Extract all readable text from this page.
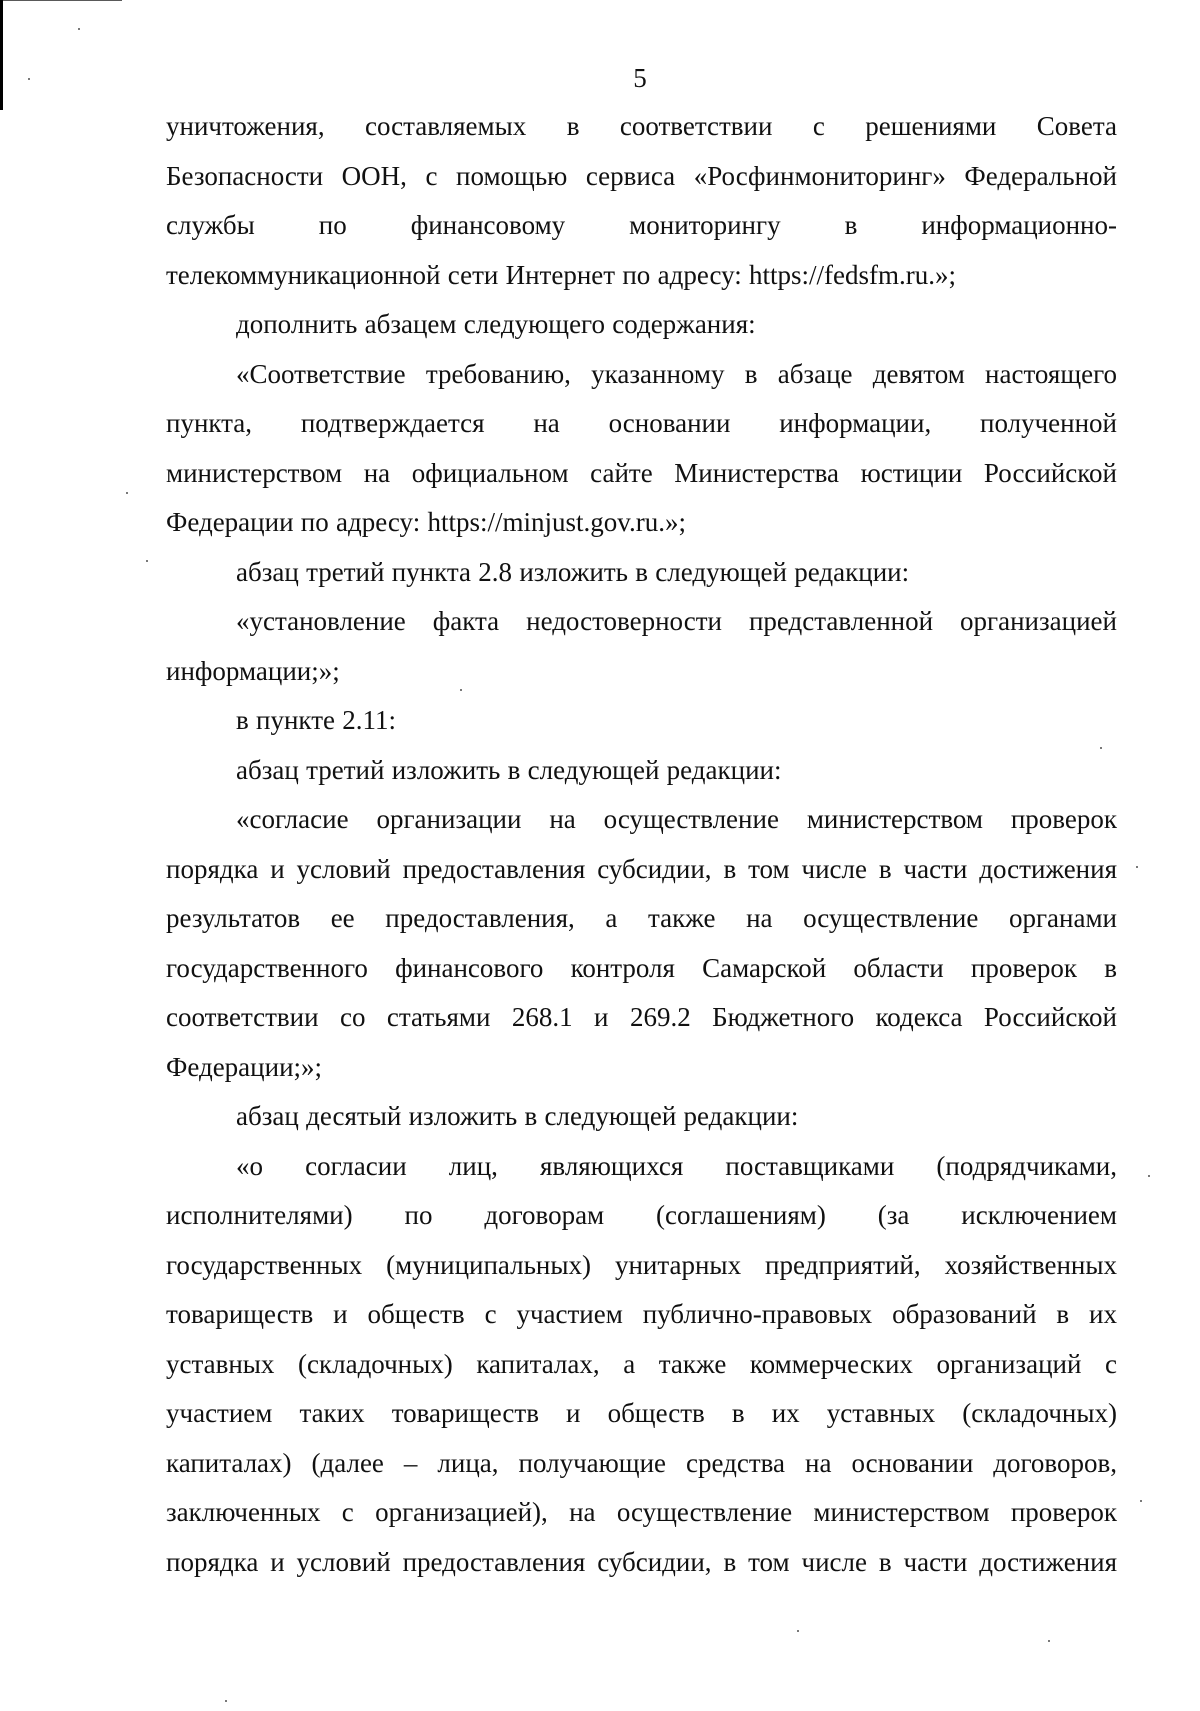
5

уничтожения, составляемых в соответствии с решениями Совета
Безопасности ООН, с помощью сервиса «Росфинмониторинг» Федеральной
службы по финансовому мониторингу в информационно-
телекоммуникационной сети Интернет по адресу: https://fedsfm.ru.»;

дополнить абзацем следующего содержания:

«Соответствие требованию, указанному в абзаце девятом настоящего
пункта, подтверждается на основании информации, полученной
министерством на официальном сайте Министерства юстиции Российской
Федерации по адресу: https://minjust.gov.ru.»;

абзац третий пункта 2.8 изложить в следующей редакции:

«установление факта недостоверности представленной организацией
информации;»;

в пункте 2.11:

абзац третий изложить в следующей редакции:

«согласие организации на осуществление министерством проверок
порядка и условий предоставления субсидии, в том числе в части достижения
результатов ее предоставления, а также на осуществление органами
государственного финансового контроля Самарской области проверок в
соответствии со статьями 268.1 и 269.2 Бюджетного кодекса Российской
Федерации;»;

абзац десятый изложить в следующей редакции:

«о согласии лиц, являющихся поставщиками (подрядчиками,
исполнителями) по договорам (соглашениям) (за исключением
государственных (муниципальных) унитарных предприятий, хозяйственных
товариществ и обществ с участием публично-правовых образований в их
уставных (складочных) капиталах, а также коммерческих организаций с
участием таких товариществ и обществ в их уставных (складочных)
капиталах) (далее – лица, получающие средства на основании договоров,
заключенных с организацией), на осуществление министерством проверок
порядка и условий предоставления субсидии, в том числе в части достижения
